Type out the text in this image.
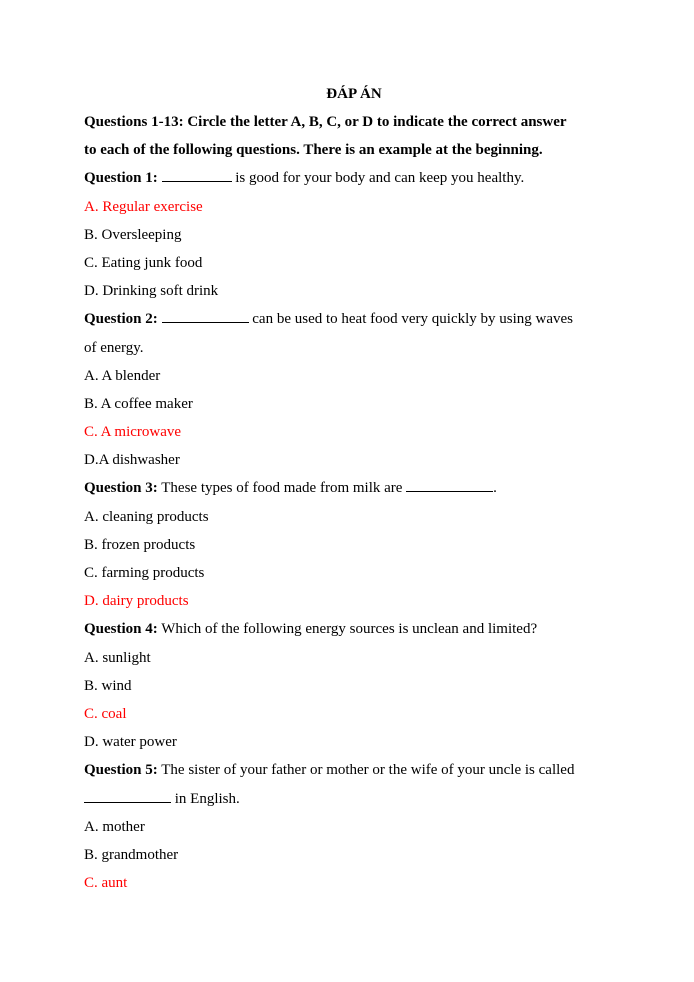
ĐÁP ÁN
Questions 1-13: Circle the letter A, B, C, or D to indicate the correct answer
to each of the following questions. There is an example at the beginning.
Question 1:	is good for your body and can keep you healthy.
A. Regular exercise
B. Oversleeping
C. Eating junk food
D. Drinking soft drink
Question 2:	can be used to heat food very quickly by using waves
of energy.
A. A blender
B. A coffee maker
C. A microwave
D.A dishwasher
Question 3: These types of food made from milk are	.
A. cleaning products
B. frozen products
C. farming products
D. dairy products
Question 4: Which of the following energy sources is unclean and limited?
A. sunlight
B. wind
C. coal
D. water power
Question 5: The sister of your father or mother or the wife of your uncle is called
in English.
A. mother
B. grandmother
C. aunt
